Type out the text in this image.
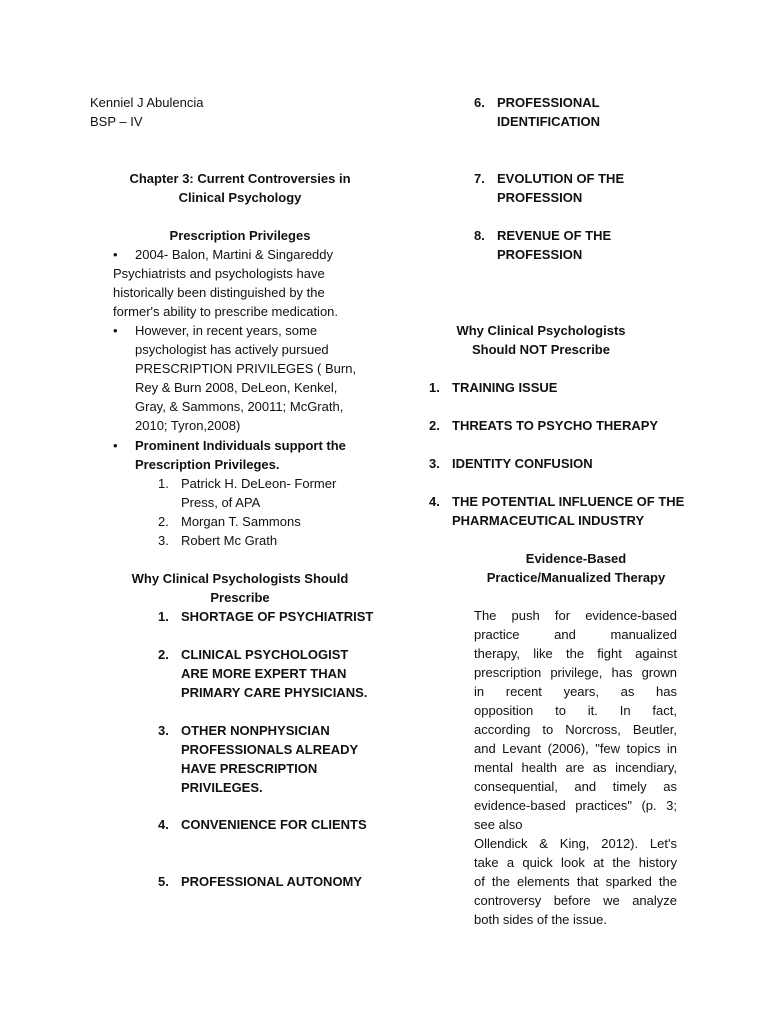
Kenniel J Abulencia
BSP – IV
Chapter 3: Current Controversies in
Clinical Psychology
Prescription Privileges
• 2004- Balon, Martini & Singareddy
Psychiatrists and psychologists have
historically been distinguished by the
former's ability to prescribe medication.
• However, in recent years, some
psychologist has actively pursued
PRESCRIPTION PRIVILEGES ( Burn,
Rey & Burn 2008, DeLeon, Kenkel,
Gray, & Sammons, 20011; McGrath,
2010; Tyron,2008)
• Prominent Individuals support the
Prescription Privileges.
1. Patrick H. DeLeon- Former
Press, of APA
2. Morgan T. Sammons
3. Robert Mc Grath
Why Clinical Psychologists Should
Prescribe
1. SHORTAGE OF PSYCHIATRIST
2. CLINICAL PSYCHOLOGIST
ARE MORE EXPERT THAN
PRIMARY CARE PHYSICIANS.
3. OTHER NONPHYSICIAN
PROFESSIONALS ALREADY
HAVE PRESCRIPTION
PRIVILEGES.
4. CONVENIENCE FOR CLIENTS
5. PROFESSIONAL AUTONOMY
6. PROFESSIONAL
IDENTIFICATION
7. EVOLUTION OF THE
PROFESSION
8. REVENUE OF THE
PROFESSION
Why Clinical Psychologists
Should NOT Prescribe
1. TRAINING ISSUE
2. THREATS TO PSYCHO THERAPY
3. IDENTITY CONFUSION
4. THE POTENTIAL INFLUENCE OF THE
PHARMACEUTICAL INDUSTRY
Evidence-Based
Practice/Manualized Therapy
The push for evidence-based
practice and manualized
therapy, like the fight against
prescription privilege, has grown
in recent years, as has
opposition to it. In fact,
according to Norcross, Beutler,
and Levant (2006), "few topics in
mental health are as incendiary,
consequential, and timely as
evidence-based practices" (p. 3;
see also
Ollendick & King, 2012). Let's
take a quick look at the history
of the elements that sparked the
controversy before we analyze
both sides of the issue.
